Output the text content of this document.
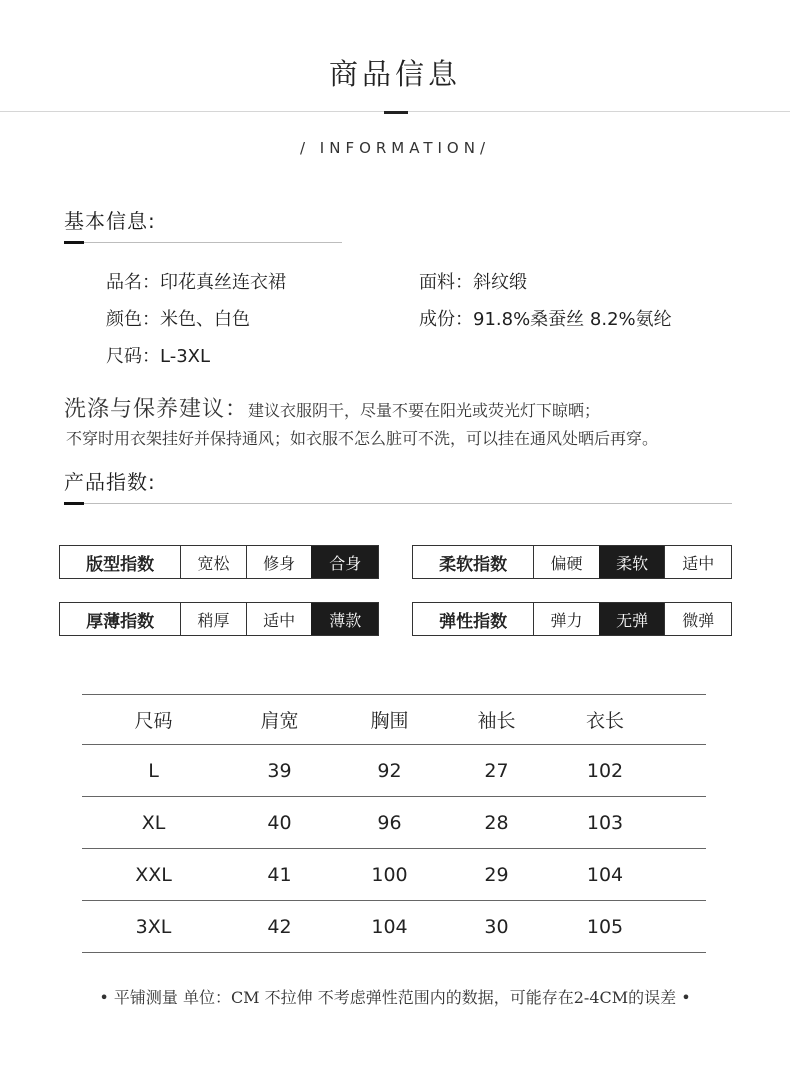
商品信息
/ INFORMATION/
基本信息:
品名：印花真丝连衣裙	面料：斜纹缎
颜色：米色、白色	成份：91.8%桑蚕丝 8.2%氨纶
尺码：L-3XL
洗涤与保养建议：建议衣服阴干，尽量不要在阳光或荧光灯下晾晒；
不穿时用衣架挂好并保持通风；如衣服不怎么脏可不洗，可以挂在通风处晒后再穿。
产品指数:
版型指数	宽松	修身	合身	柔软指数	偏硬	柔软	适中
厚薄指数	稍厚	适中	薄款	弹性指数	弹力	无弹	微弹
尺码	肩宽	胸围	袖长	衣长	
L	39	92	27	102	
XL	40	96	28	103	
XXL	41	100	29	104	
3XL	42	104	30	105	
• 平铺测量 单位：CM 不拉伸 不考虑弹性范围内的数据，可能存在2-4CM的误差 •
